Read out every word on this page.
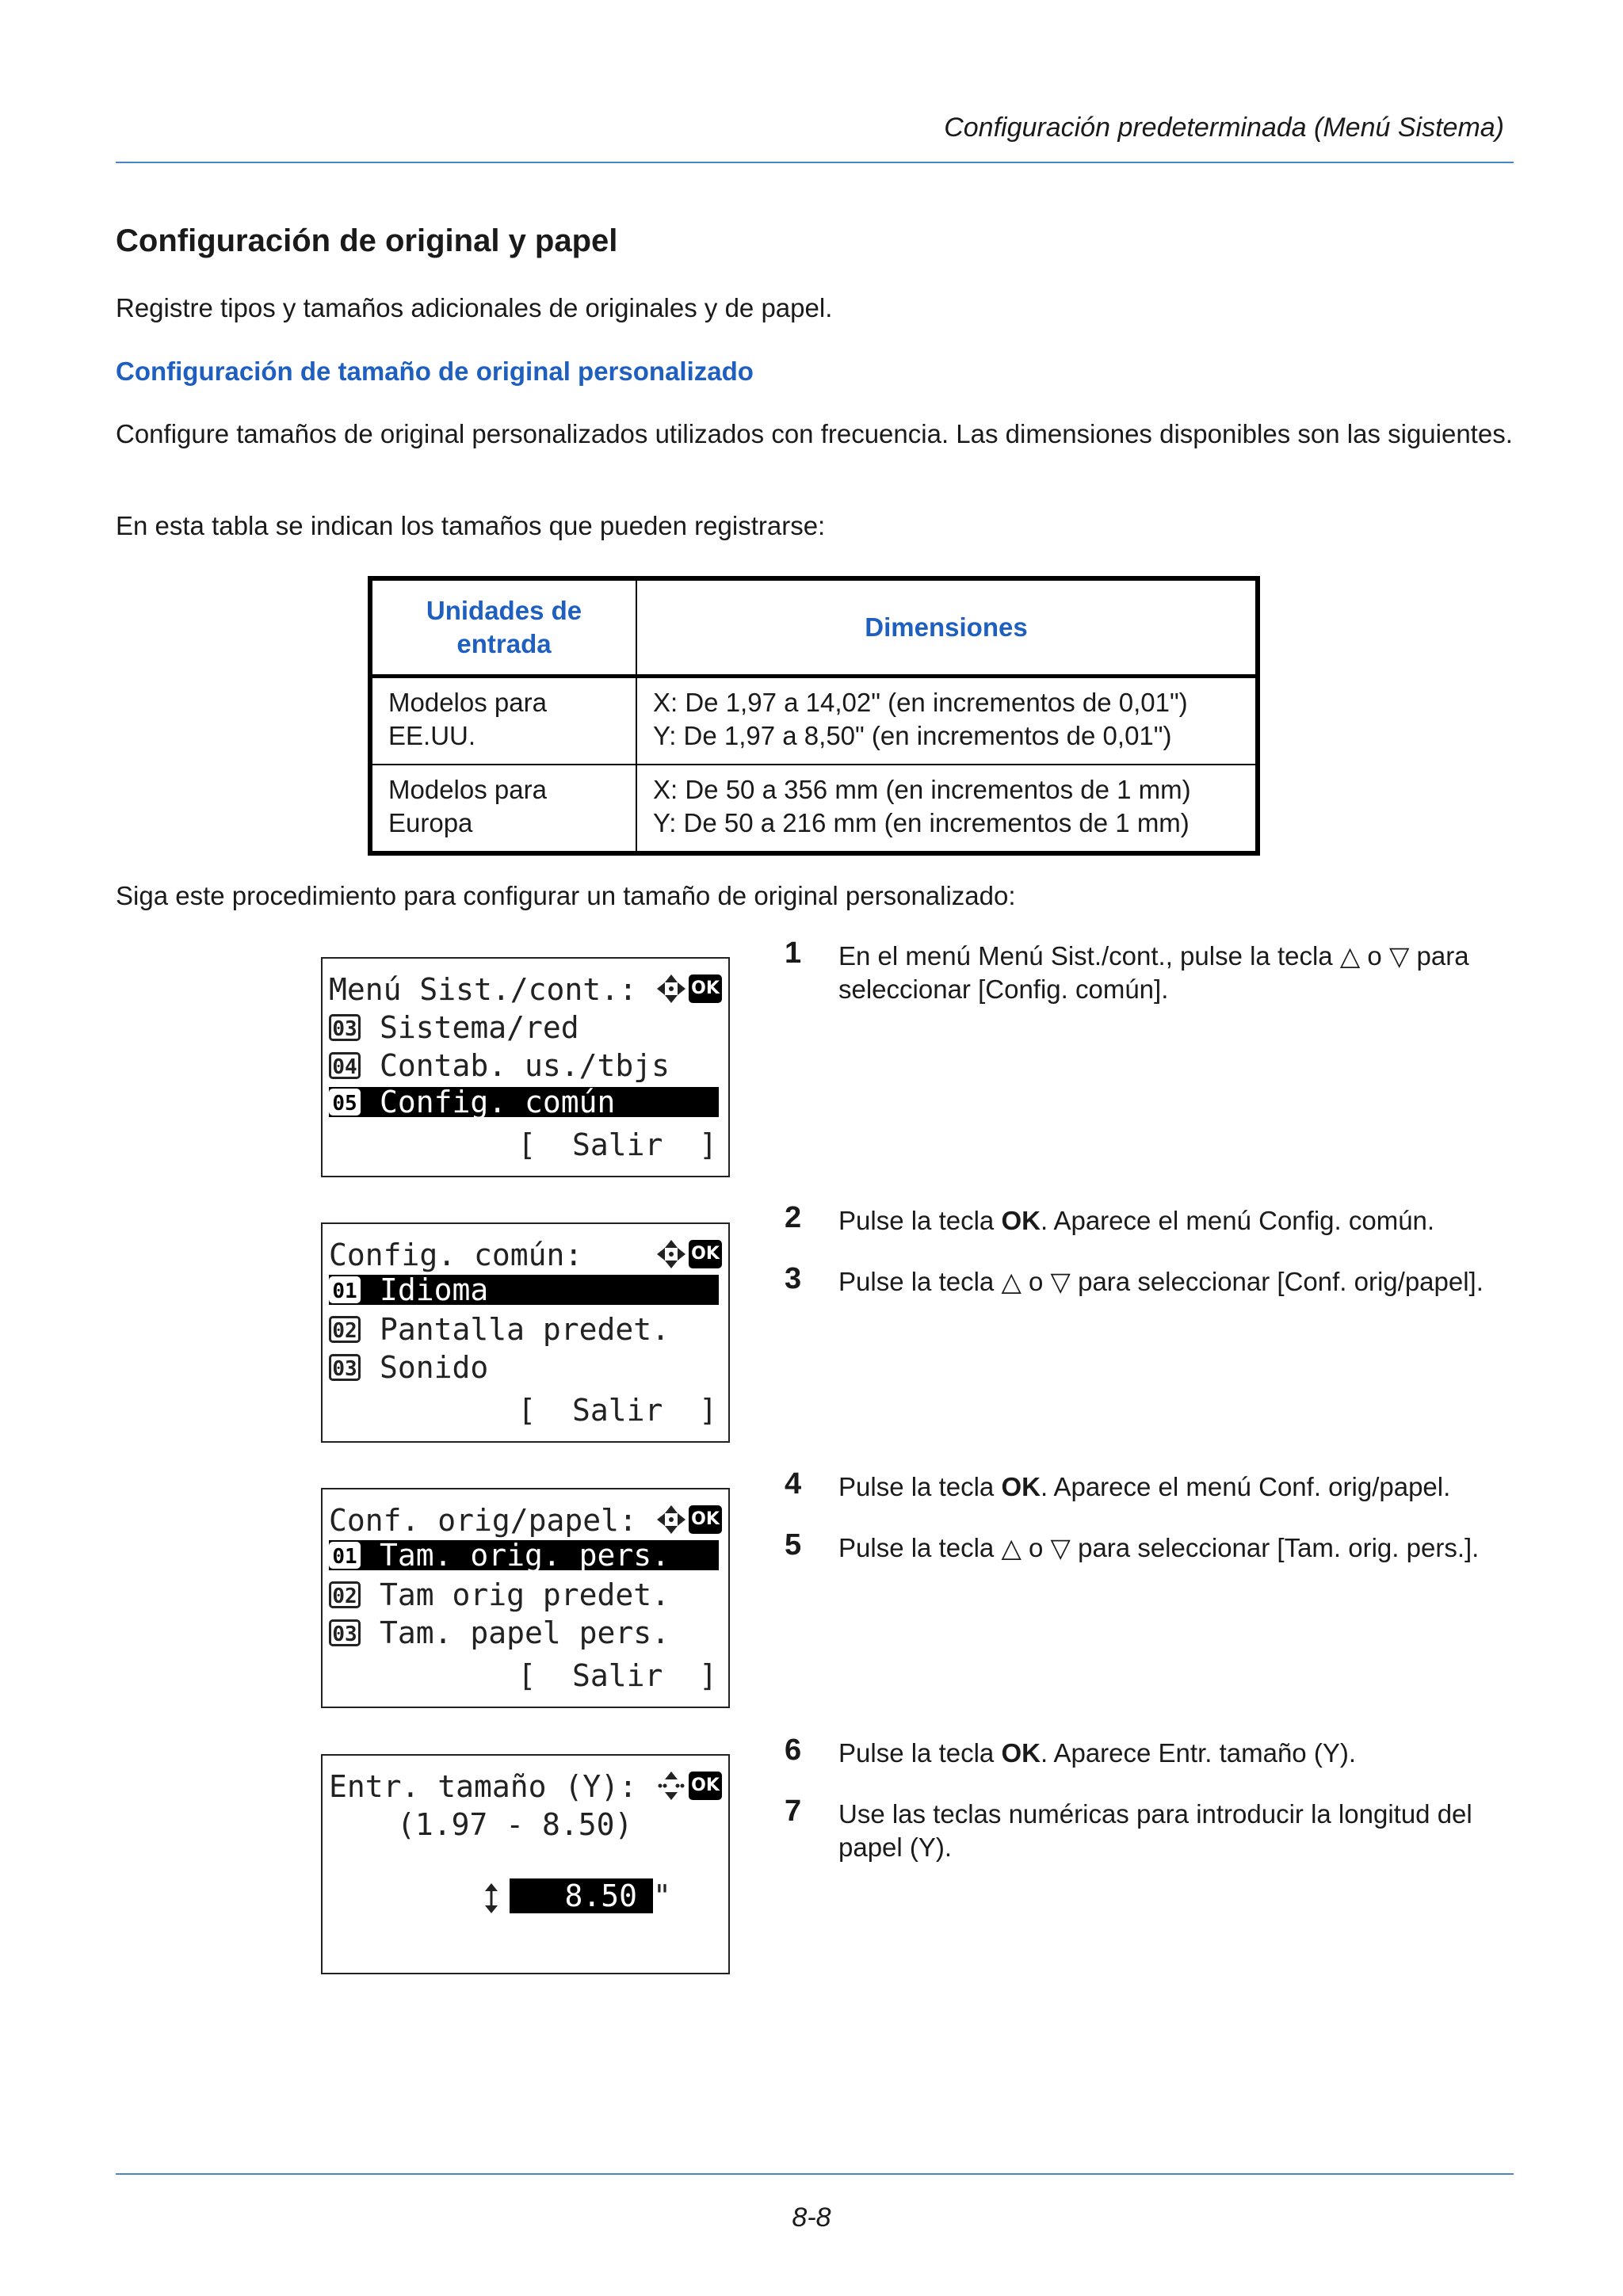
Configuración predeterminada (Menú Sistema)
Configuración de original y papel
Registre tipos y tamaños adicionales de originales y de papel.
Configuración de tamaño de original personalizado
Configure tamaños de original personalizados utilizados con frecuencia. Las dimensiones disponibles son las siguientes.
En esta tabla se indican los tamaños que pueden registrarse:
Unidades de entrada	Dimensiones
Modelos para EE.UU.	X: De 1,97 a 14,02" (en incrementos de 0,01")
Y: De 1,97 a 8,50" (en incrementos de 0,01")

Modelos para Europa	X: De 50 a 356 mm (en incrementos de 1 mm)
Y: De 50 a 216 mm (en incrementos de 1 mm)
Siga este procedimiento para configurar un tamaño de original personalizado:
Menú Sist./cont.:	OK
03 Sistema/red
04 Contab. us./tbjs
05 Config. común
[  Salir  ]
Config. común:	OK
01 Idioma
02 Pantalla predet.
03 Sonido
[  Salir  ]
Conf. orig/papel:	OK
01 Tam. orig. pers.
02 Tam orig predet.
03 Tam. papel pers.
[  Salir  ]
Entr. tamaño (Y):	OK
(1.97 - 8.50)

8.50 "

1 En el menú Menú Sist./cont., pulse la tecla △ o ▽ para seleccionar [Config. común].
2 Pulse la tecla OK. Aparece el menú Config. común.
3 Pulse la tecla △ o ▽ para seleccionar [Conf. orig/papel].
4 Pulse la tecla OK. Aparece el menú Conf. orig/papel.
5 Pulse la tecla △ o ▽ para seleccionar [Tam. orig. pers.].
6 Pulse la tecla OK. Aparece Entr. tamaño (Y).
7 Use las teclas numéricas para introducir la longitud del papel (Y).
8-8
